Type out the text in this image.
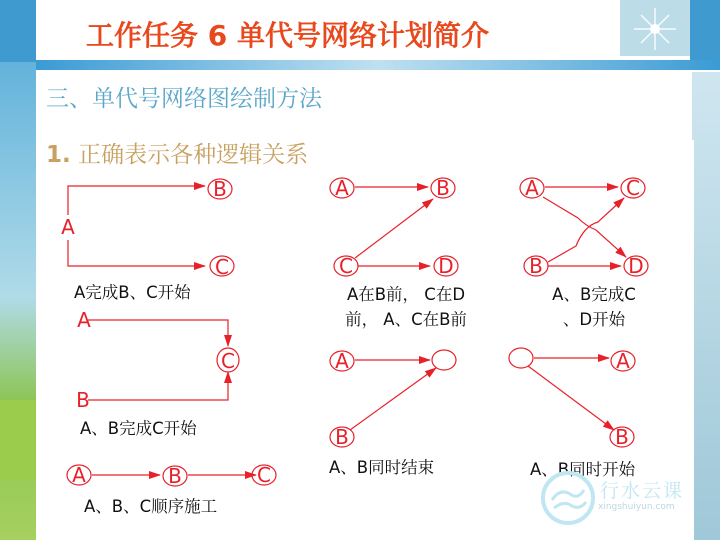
工作任务 6 单代号网络计划简介
三、单代号网络图绘制方法
1. 正确表示各种逻辑关系
A
B
C
A	B
C	D
A	C
B	D
A
C
B
A
B
A
B
A	B	C
A完成B、C开始	A在B前， C在D
前， A、C在B前
A、B完成C
、D开始
A、B完成C开始
A、B同时结束	A、B同时开始
A、B、C顺序施工
行水云课
xingshuiyun.com
